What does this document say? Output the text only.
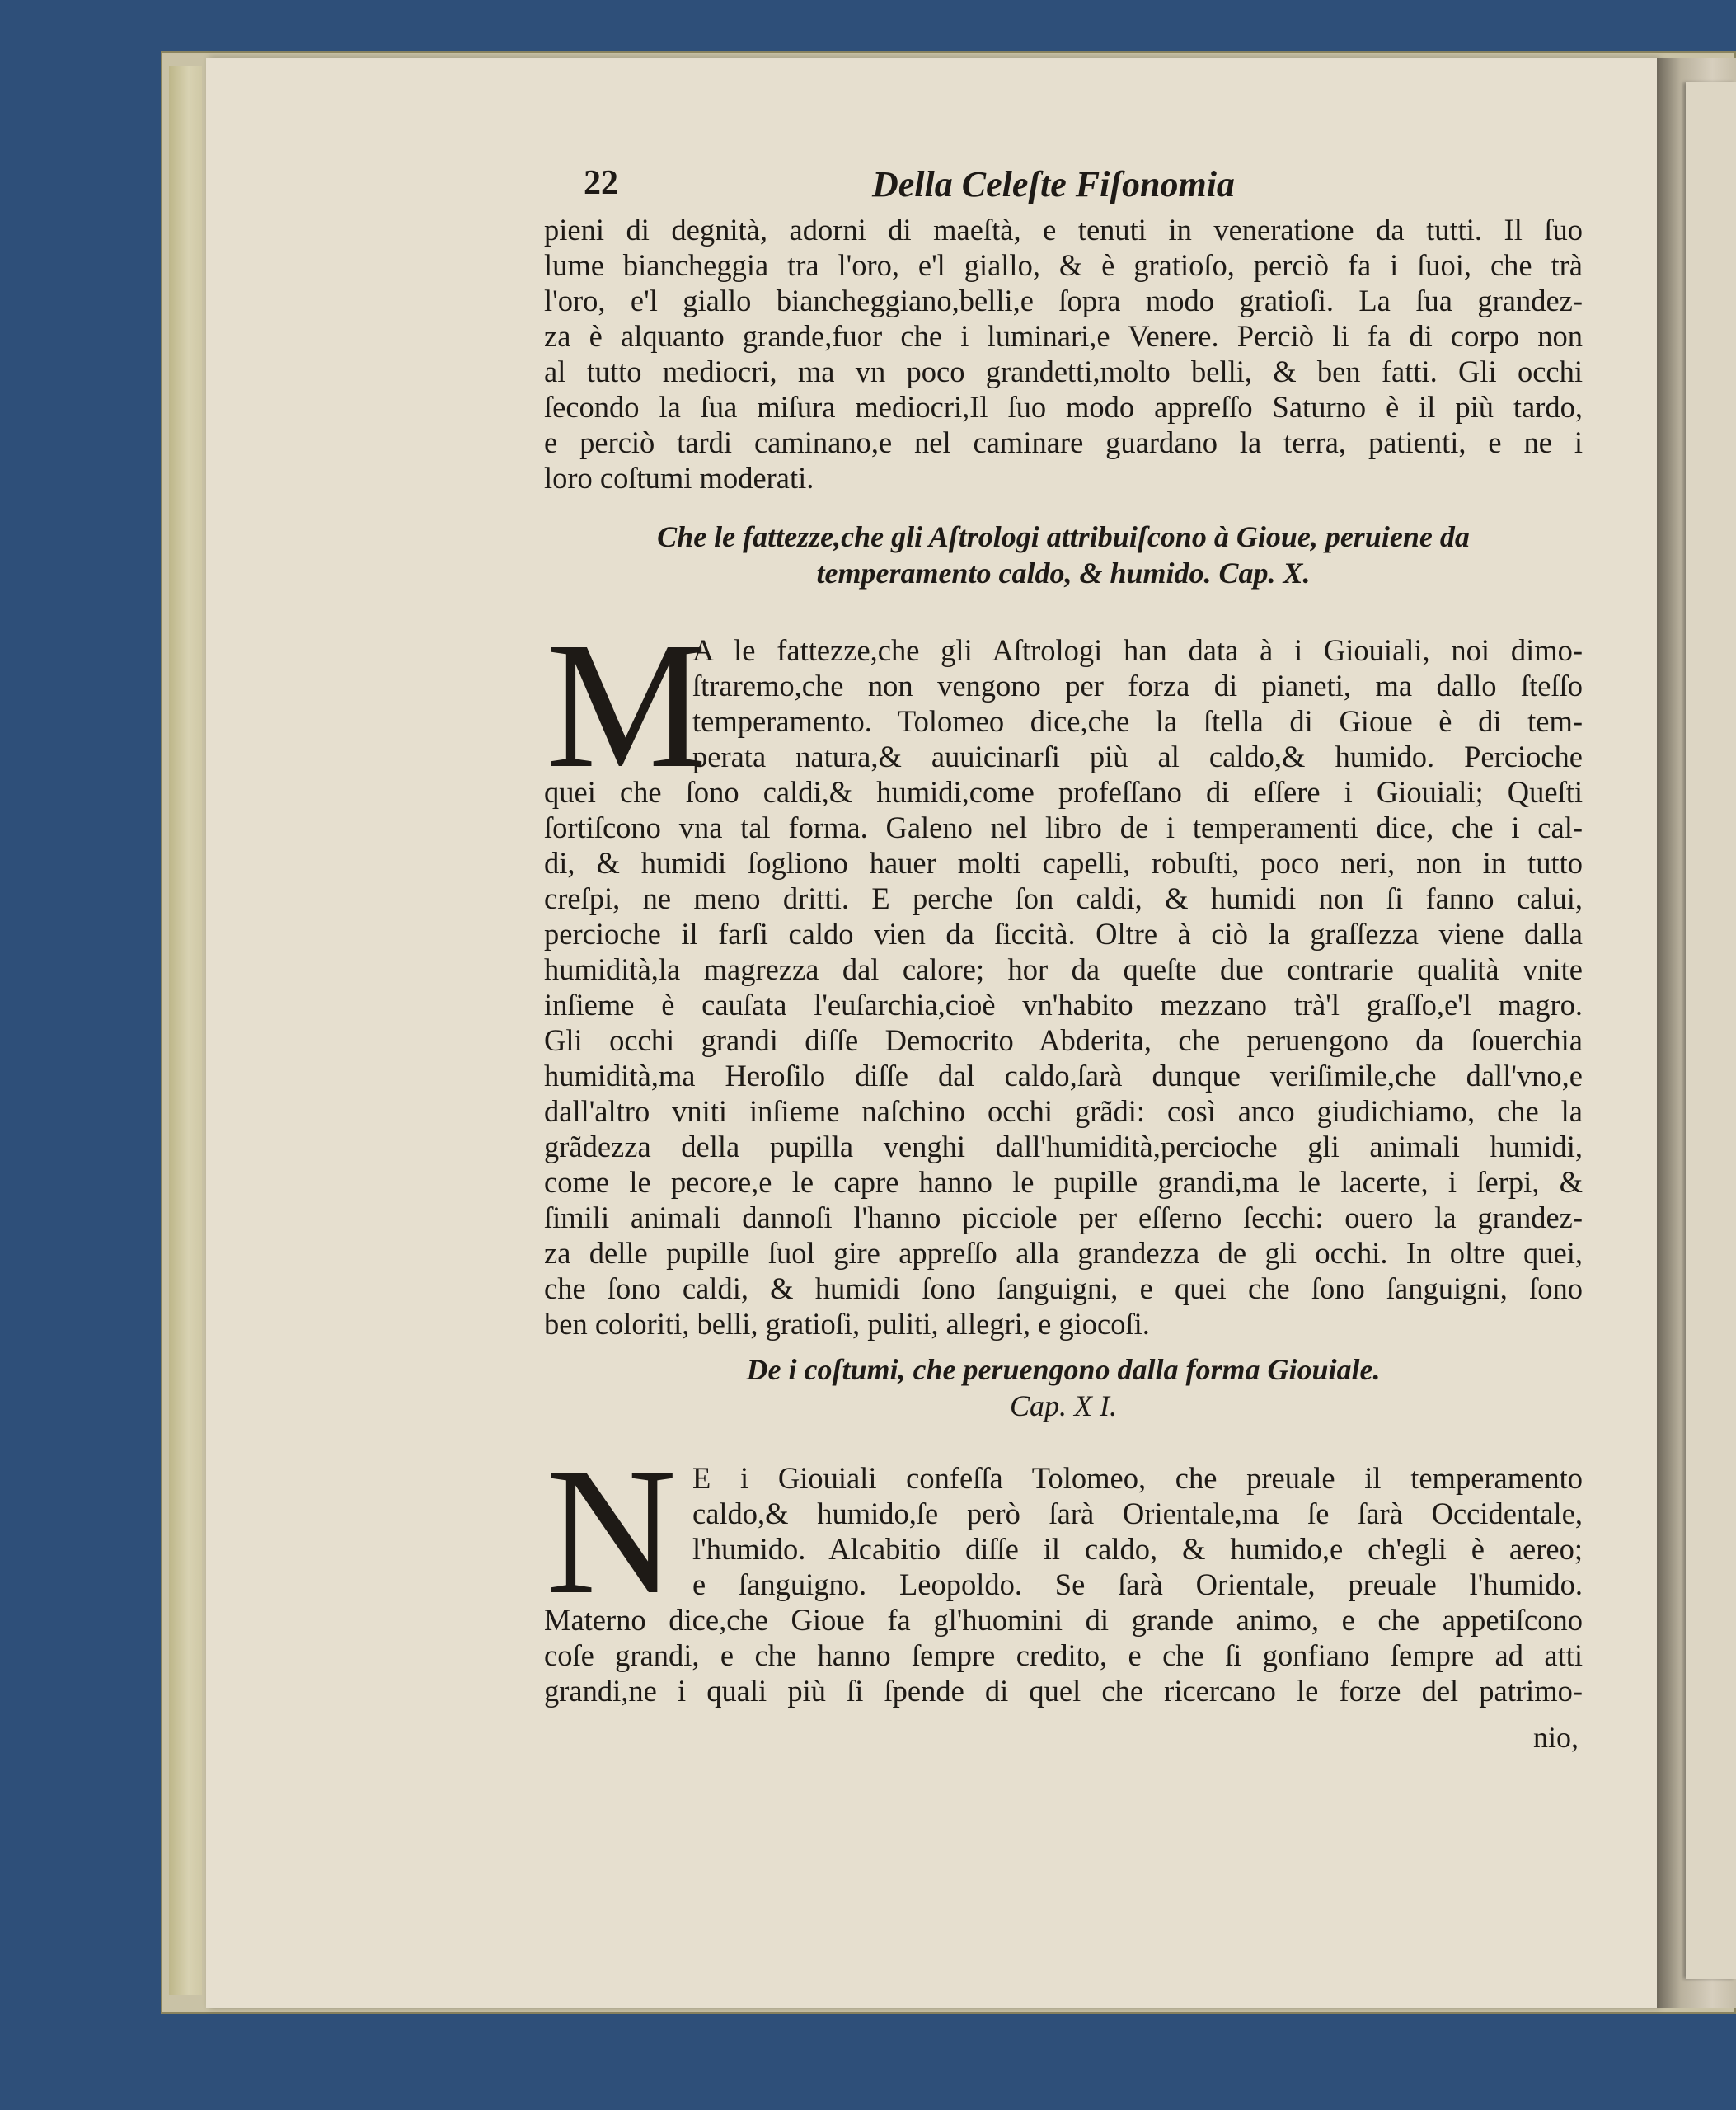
22	Della Celeſte Fiſonomia
pieni di degnità, adorni di maeſtà, e tenuti in veneratione da tutti. Il ſuo
lume biancheggia tra l'oro, e'l giallo, & è gratioſo, perciò fa i ſuoi, che trà
l'oro, e'l giallo biancheggiano,belli,e ſopra modo gratioſi. La ſua grandez-
za è alquanto grande,fuor che i luminari,e Venere. Perciò li fa di corpo non
al tutto mediocri, ma vn poco grandetti,molto belli, & ben fatti. Gli occhi
ſecondo la ſua miſura mediocri,Il ſuo modo appreſſo Saturno è il più tardo,
e perciò tardi caminano,e nel caminare guardano la terra, patienti, e ne i
loro coſtumi moderati.
Che le fattezze,che gli Aſtrologi attribuiſcono à Gioue, peruiene da
temperamento caldo, & humido. Cap. X.
M
A le fattezze,che gli Aſtrologi han data à i Giouiali, noi dimo-
ſtraremo,che non vengono per forza di pianeti, ma dallo ſteſſo
temperamento. Tolomeo dice,che la ſtella di Gioue è di tem-
perata natura,& auuicinarſi più al caldo,& humido. Percioche
quei che ſono caldi,& humidi,come profeſſano di eſſere i Giouiali; Queſti
ſortiſcono vna tal forma. Galeno nel libro de i temperamenti dice, che i cal-
di, & humidi ſogliono hauer molti capelli, robuſti, poco neri, non in tutto
creſpi, ne meno dritti. E perche ſon caldi, & humidi non ſi fanno calui,
percioche il farſi caldo vien da ſiccità. Oltre à ciò la graſſezza viene dalla
humidità,la magrezza dal calore; hor da queſte due contrarie qualità vnite
inſieme è cauſata l'euſarchia,cioè vn'habito mezzano trà'l graſſo,e'l magro.
Gli occhi grandi diſſe Democrito Abderita, che peruengono da ſouerchia
humidità,ma Heroſilo diſſe dal caldo,ſarà dunque veriſimile,che dall'vno,e
dall'altro vniti inſieme naſchino occhi grãdi: così anco giudichiamo, che la
grãdezza della pupilla venghi dall'humidità,percioche gli animali humidi,
come le pecore,e le capre hanno le pupille grandi,ma le lacerte, i ſerpi, &
ſimili animali dannoſi l'hanno picciole per eſſerno ſecchi: ouero la grandez-
za delle pupille ſuol gire appreſſo alla grandezza de gli occhi. In oltre quei,
che ſono caldi, & humidi ſono ſanguigni, e quei che ſono ſanguigni, ſono
ben coloriti, belli, gratioſi, puliti, allegri, e giocoſi.
De i coſtumi, che peruengono dalla forma Giouiale.
Cap. X I.
N E i Giouiali confeſſa Tolomeo, che preuale il temperamento
caldo,& humido,ſe però ſarà Orientale,ma ſe ſarà Occidentale,
l'humido. Alcabitio diſſe il caldo, & humido,e ch'egli è aereo;
e ſanguigno. Leopoldo. Se ſarà Orientale, preuale l'humido.
Materno dice,che Gioue fa gl'huomini di grande animo, e che appetiſcono
coſe grandi, e che hanno ſempre credito, e che ſi gonfiano ſempre ad atti
grandi,ne i quali più ſi ſpende di quel che ricercano le forze del patrimo-
nio,
